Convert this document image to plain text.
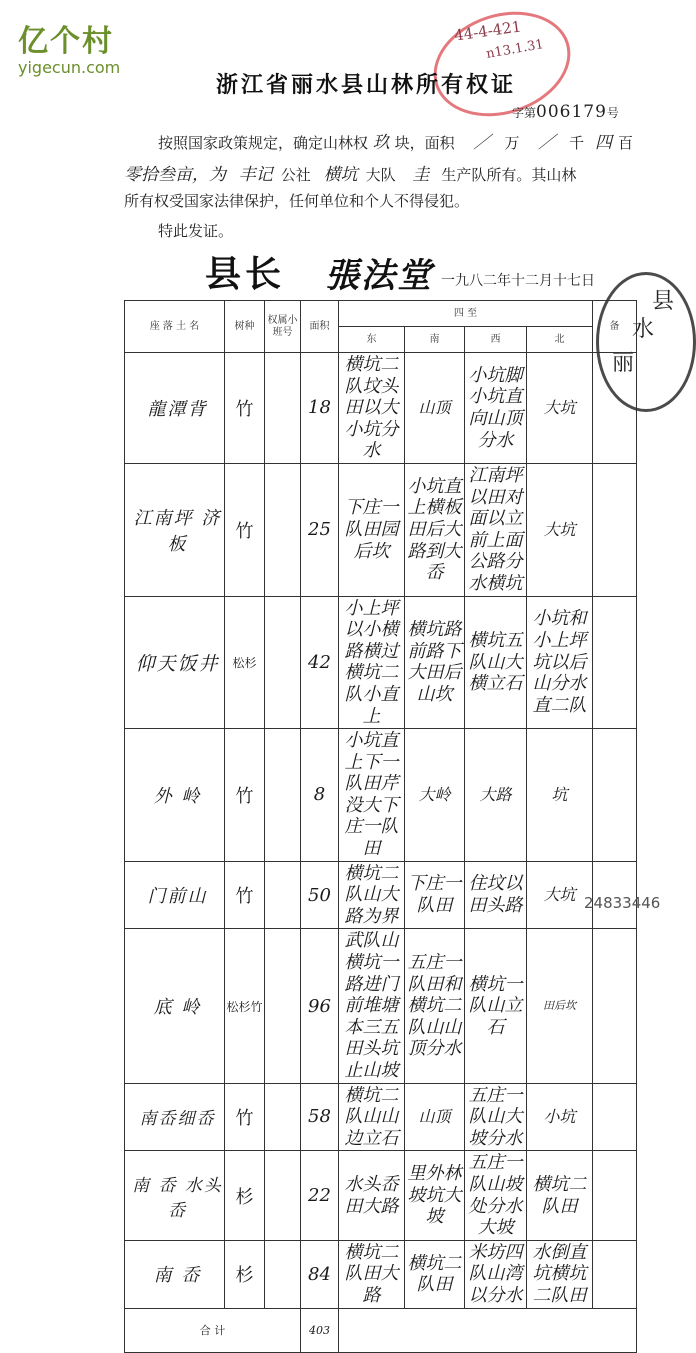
亿个村
yigecun.com
44-4-421
n13.1.31
浙江省丽水县山林所有权证
字第006179号
按照国家政策规定，确定山林权 玖 块，面积 ／ 万 ／ 千 四 百
零拾叁亩，为 丰记 公社 横坑 大队 圭 生产队所有。其山林
所有权受国家法律保护，任何单位和个人不得侵犯。
特此发证。
县长 張法堂 一九八二年十二月十七日
丽
水
县
座 落 土 名	树种	权属小班号	面积	四 至				备
				东	南	西	北	
龍潭背	竹		18	横坑二队坟头田以大小坑分水	山顶	小坑脚小坑直向山顶分水	大坑	
江南坪 济 板	竹		25	下庄一队田园后坎	小坑直上横板田后大路到大岙	江南坪以田对面以立前上面公路分水横坑	大坑	
仰天饭井	松杉		42	小上坪以小横路横过横坑二队小直上	横坑路前路下大田后山坎	横坑五队山大横立石	小坑和小上坪坑以后山分水直二队	
外 岭	竹		8	小坑直上下一队田芹没大下庄一队田	大岭	大路	坑	
门前山	竹		50	横坑二队山大路为界	下庄一队田	住坟以田头路	大坑	
底 岭	松杉竹		96	武队山横坑一路进门前堆塘本三五田头坑止山坡	五庄一队田和横坑二队山山顶分水	横坑一队山立石	田后坎	
南岙细岙	竹		58	横坑二队山山边立石	山顶	五庄一队山大坡分水	小坑	
南 岙 水头岙	杉		22	水头岙田大路	里外林坡坑大坡	五庄一队山坡处分水大坡	横坑二队田	
南 岙	杉		84	横坑二队田大路	横坑二队田	米坊四队山湾以分水	水倒直坑横坑二队田	
合 计			403					
24833446
